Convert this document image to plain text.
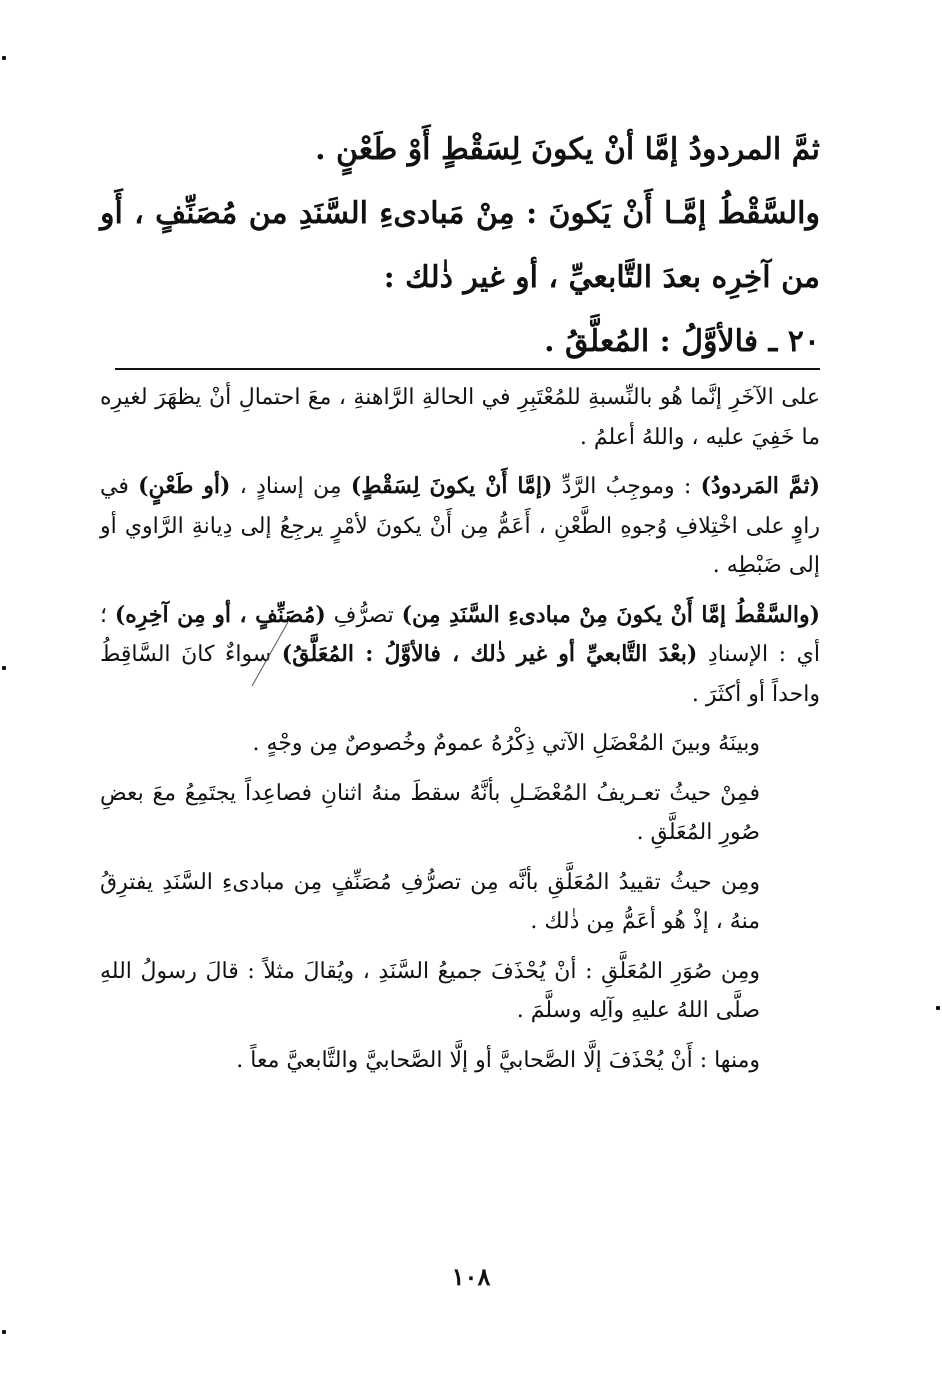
ثمَّ المردودُ إمَّا أنْ يكونَ لِسَقْطٍ أَوْ طَعْنٍ .

والسَّقْطُ إمَّـا أَنْ يَكونَ : مِنْ مَبادىءِ السَّنَدِ من مُصَنِّفٍ ، أَو من آخِرِه بعدَ التَّابعيِّ ، أو غير ذٰلك :

٢٠ ـ فالأوَّلُ : المُعلَّقُ .

على الآخَرِ إنَّما هُو بالنِّسبةِ للمُعْتَبِرِ في الحالةِ الرَّاهنةِ ، معَ احتمالِ أنْ يظهَرَ لغيرِه ما خَفِيَ عليه ، واللهُ أعلمُ .

(ثمَّ المَردودُ) : وموجِبُ الرَّدِّ (إمَّا أَنْ يكونَ لِسَقْطٍ) مِن إسنادٍ ، (أو طَعْنٍ) في راوٍ على اخْتِلافِ وُجوهِ الطَّعْنِ ، أَعَمُّ مِن أَنْ يكونَ لأمْرٍ يرجِعُ إلى دِيانةِ الرَّاوي أو إلى ضَبْطِه .

(والسَّقْطُ إمَّا أَنْ يكونَ مِنْ مبادىءِ السَّنَدِ مِن) تصرُّفِ (مُصَنِّفٍ ، أو مِن آخِرِه) ؛ أي : الإسنادِ (بعْدَ التَّابعيِّ أو غير ذٰلك ، فالأوَّلُ : المُعَلَّقُ) سواءٌ كانَ السَّاقِطُ واحداً أو أكثَرَ .

وبينَهُ وبينَ المُعْضَلِ الآتي ذِكْرُهُ عمومٌ وخُصوصٌ مِن وجْهٍ .

فمِنْ حيثُ تعـريفُ المُعْضَـلِ بأنَّهُ سقطَ منهُ اثنانِ فصاعِداً يجتَمِعُ معَ بعضِ صُورِ المُعَلَّقِ .

ومِن حيثُ تقييدُ المُعَلَّقِ بأنَّه مِن تصرُّفِ مُصَنِّفٍ مِن مبادىءِ السَّنَدِ يفترِقُ منهُ ، إذْ هُو أعَمُّ مِن ذٰلك .

ومِن صُوَرِ المُعَلَّقِ : أنْ يُحْذَفَ جميعُ السَّنَدِ ، ويُقالَ مثلاً : قالَ رسولُ اللهِ صلَّى اللهُ عليهِ وآلِه وسلَّمَ .

ومنها : أَنْ يُحْذَفَ إلَّا الصَّحابيَّ أو إلَّا الصَّحابيَّ والتَّابعيَّ معاً .

١٠٨
